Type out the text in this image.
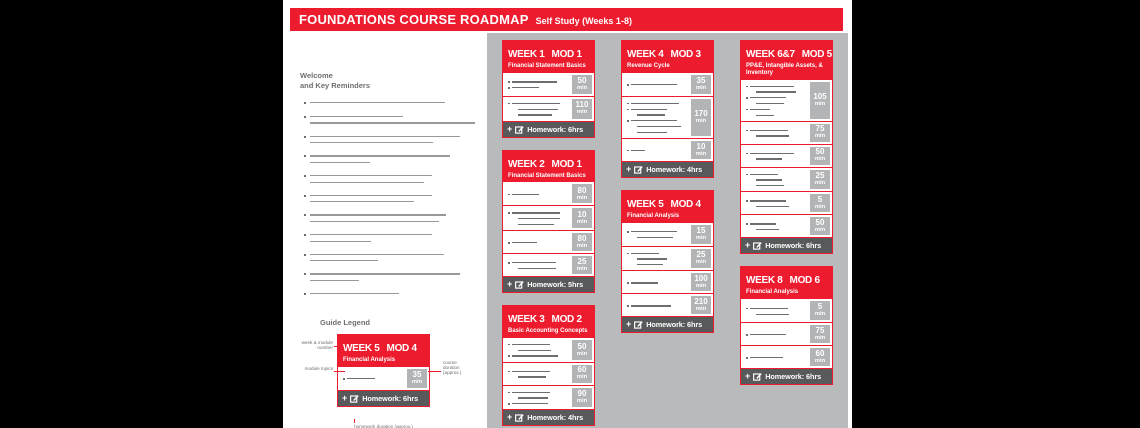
FOUNDATIONS COURSE ROADMAP Self Study (Weeks 1-8)
Welcome
and Key Reminders
Guide Legend
week & module number
module topics
course duration (approx.)
WEEK 5 MOD 4
Financial Analysis
35
min
+ Homework: 6hrs
homework duration (approx.)
WEEK 1 MOD 1
Financial Statement Basics
50
min
110
min
+ Homework: 6hrs
WEEK 2 MOD 1
Financial Statement Basics
80
min
10
min
80
min
25
min
+ Homework: 5hrs
WEEK 3 MOD 2
Basic Accounting Concepts
50
min
60
min
90
min
+ Homework: 4hrs
WEEK 4 MOD 3
Revenue Cycle
35
min
170
min
10
min
+ Homework: 4hrs
WEEK 5 MOD 4
Financial Analysis
15
min
25
min
100
min
210
min
+ Homework: 6hrs
WEEK 6&7 MOD 5
PP&E, Intangible Assets, & Inventory
105
min
75
min
50
min
25
min
5
min
50
min
+ Homework: 6hrs
WEEK 8 MOD 6
Financial Analysis
5
min
75
min
60
min
+ Homework: 6hrs
